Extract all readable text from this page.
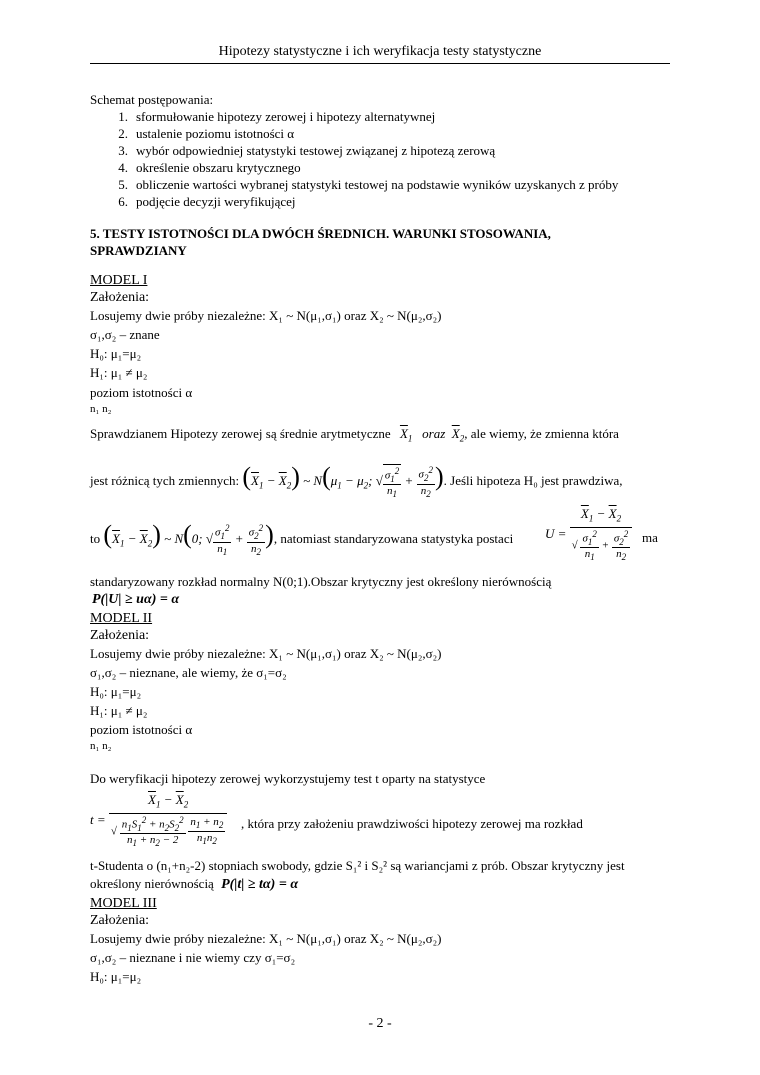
Hipotezy statystyczne i ich weryfikacja testy statystyczne
Schemat postępowania:
1. sformułowanie hipotezy zerowej i hipotezy alternatywnej
2. ustalenie poziomu istotności α
3. wybór odpowiedniej statystyki testowej związanej z hipotezą zerową
4. określenie obszaru krytycznego
5. obliczenie wartości wybranej statystyki testowej na podstawie wyników uzyskanych z próby
6. podjęcie decyzji weryfikującej
5. TESTY ISTOTNOŚCI DLA DWÓCH ŚREDNICH. WARUNKI STOSOWANIA,
SPRAWDZIANY
MODEL I
Założenia:
Losujemy dwie próby niezależne: X₁ ~ N(μ₁,σ₁) oraz X₂ ~ N(μ₂,σ₂)
σ₁,σ₂ – znane
H₀: μ₁=μ₂
H₁: μ₁ ≠ μ₂
poziom istotności α
n₁ n₂
Sprawdzianem Hipotezy zerowej są średnie arytmetyczne $\overline{X}_1$   oraz  $\overline{X}_2$, ale wiemy, że zmienna która
jest różnicą tych zmiennych: $(\overline{X}_1 - \overline{X}_2)$ ~ $N(\mu_1 - \mu_2$; √ $\frac{\sigma_1^2}{n_1} + \frac{\sigma_2^2}{n_2}$ ). Jeśli hipoteza H₀ jest prawdziwa,
to $(\overline{X}_1 - \overline{X}_2)$ ~ N(0; √ $\frac{\sigma_1^2}{n_1} + \frac{\sigma_2^2}{n_2}$ ), natomiast standaryzowana statystyka postaci $U = \frac{\overline{X}_1 - \overline{X}_2}{√ \frac{\sigma_1^2}{n_1} + \frac{\sigma_2^2}{n_2}}$ ma
standaryzowany rozkład normalny N(0;1).Obszar krytyczny jest określony nierównością
P(|U| ≥ uα) = α
MODEL II
Założenia:
Losujemy dwie próby niezależne: X₁ ~ N(μ₁,σ₁) oraz X₂ ~ N(μ₂,σ₂)
σ₁,σ₂ – nieznane, ale wiemy, że σ₁=σ₂
H₀: μ₁=μ₂
H₁: μ₁ ≠ μ₂
poziom istotności α
n₁ n₂
Do weryfikacji hipotezy zerowej wykorzystujemy test t oparty na statystyce
$t = \overline{X}_1 - \overline{X}_2$
√ $\frac{n_1S_1^2 + n_2S_2^2}{n_1 + n_2 - 2}$
$\frac{n_1 + n_2}{n_1n_2}$ , która przy założeniu prawdziwości hipotezy zerowej ma rozkład
t-Studenta o (n₁+n₂-2) stopniach swobody, gdzie S₁² i S₂² są wariancjami z prób. Obszar krytyczny jest
określony nierównością P(|t| ≥ tα) = α
MODEL III
Założenia:
Losujemy dwie próby niezależne: X₁ ~ N(μ₁,σ₁) oraz X₂ ~ N(μ₂,σ₂)
σ₁,σ₂ – nieznane i nie wiemy czy σ₁=σ₂
H₀: μ₁=μ₂
- 2 -
